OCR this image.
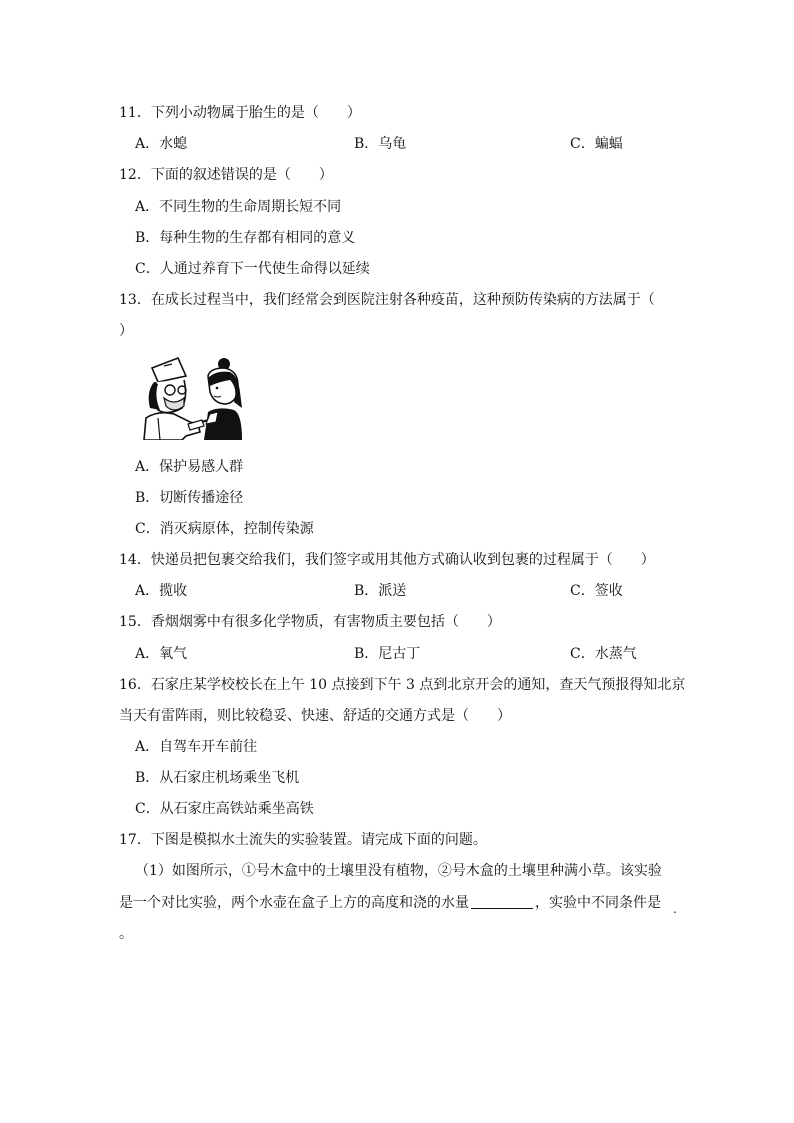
11．下列小动物属于胎生的是（　　）
A．水螅	B．乌龟	C．蝙蝠
12．下面的叙述错误的是（　　）
A．不同生物的生命周期长短不同
B．每种生物的生存都有相同的意义
C．人通过养育下一代使生命得以延续
13．在成长过程当中，我们经常会到医院注射各种疫苗，这种预防传染病的方法属于（
）
A．保护易感人群
B．切断传播途径
C．消灭病原体，控制传染源
14．快递员把包裹交给我们，我们签字或用其他方式确认收到包裹的过程属于（　　）
A．揽收	B．派送	C．签收
15．香烟烟雾中有很多化学物质，有害物质主要包括（　　）
A．氧气	B．尼古丁	C．水蒸气
16．石家庄某学校校长在上午 10 点接到下午 3 点到北京开会的通知，查天气预报得知北京
当天有雷阵雨，则比较稳妥、快速、舒适的交通方式是（　　）
A．自驾车开车前往
B．从石家庄机场乘坐飞机
C．从石家庄高铁站乘坐高铁
17．下图是模拟水土流失的实验装置。请完成下面的问题。
（1）如图所示，①号木盒中的土壤里没有植物，②号木盒的土壤里种满小草。该实验
是一个对比实验，两个水壶在盒子上方的高度和浇的水量	，实验中不同条件是 .
。
